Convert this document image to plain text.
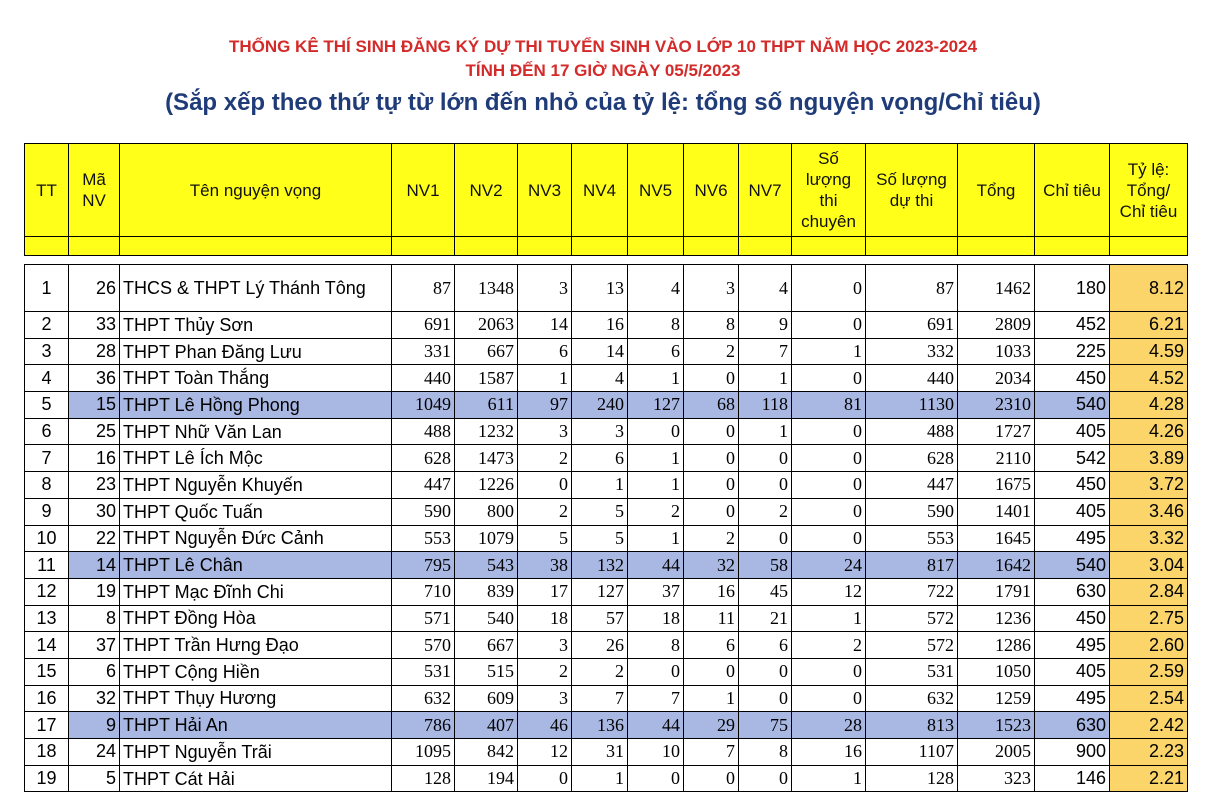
THỐNG KÊ THÍ SINH ĐĂNG KÝ DỰ THI TUYỂN SINH VÀO LỚP 10 THPT NĂM HỌC 2023-2024
TÍNH ĐẾN 17 GIỜ NGÀY 05/5/2023
(Sắp xếp theo thứ tự từ lớn đến nhỏ của tỷ lệ: tổng số nguyện vọng/Chỉ tiêu)
TT	Mã NV	Tên nguyện vọng	NV1	NV2	NV3	NV4	NV5	NV6	NV7	Số lượng thi chuyên	Số lượng dự thi	Tổng	Chỉ tiêu	Tỷ lệ: Tổng/ Chỉ tiêu

1	26	THCS & THPT Lý Thánh Tông	87	1348	3	13	4	3	4	0	87	1462	180	8.12
2	33	THPT Thủy Sơn	691	2063	14	16	8	8	9	0	691	2809	452	6.21
3	28	THPT Phan Đăng Lưu	331	667	6	14	6	2	7	1	332	1033	225	4.59
4	36	THPT Toàn Thắng	440	1587	1	4	1	0	1	0	440	2034	450	4.52
5	15	THPT Lê Hồng Phong	1049	611	97	240	127	68	118	81	1130	2310	540	4.28
6	25	THPT Nhữ Văn Lan	488	1232	3	3	0	0	1	0	488	1727	405	4.26
7	16	THPT Lê Ích Mộc	628	1473	2	6	1	0	0	0	628	2110	542	3.89
8	23	THPT Nguyễn Khuyến	447	1226	0	1	1	0	0	0	447	1675	450	3.72
9	30	THPT Quốc Tuấn	590	800	2	5	2	0	2	0	590	1401	405	3.46
10	22	THPT Nguyễn Đức Cảnh	553	1079	5	5	1	2	0	0	553	1645	495	3.32
11	14	THPT Lê Chân	795	543	38	132	44	32	58	24	817	1642	540	3.04
12	19	THPT Mạc Đĩnh Chi	710	839	17	127	37	16	45	12	722	1791	630	2.84
13	8	THPT Đồng Hòa	571	540	18	57	18	11	21	1	572	1236	450	2.75
14	37	THPT Trần Hưng Đạo	570	667	3	26	8	6	6	2	572	1286	495	2.60
15	6	THPT Cộng Hiền	531	515	2	2	0	0	0	0	531	1050	405	2.59
16	32	THPT Thụy Hương	632	609	3	7	7	1	0	0	632	1259	495	2.54
17	9	THPT Hải An	786	407	46	136	44	29	75	28	813	1523	630	2.42
18	24	THPT Nguyễn Trãi	1095	842	12	31	10	7	8	16	1107	2005	900	2.23
19	5	THPT Cát Hải	128	194	0	1	0	0	0	1	128	323	146	2.21
